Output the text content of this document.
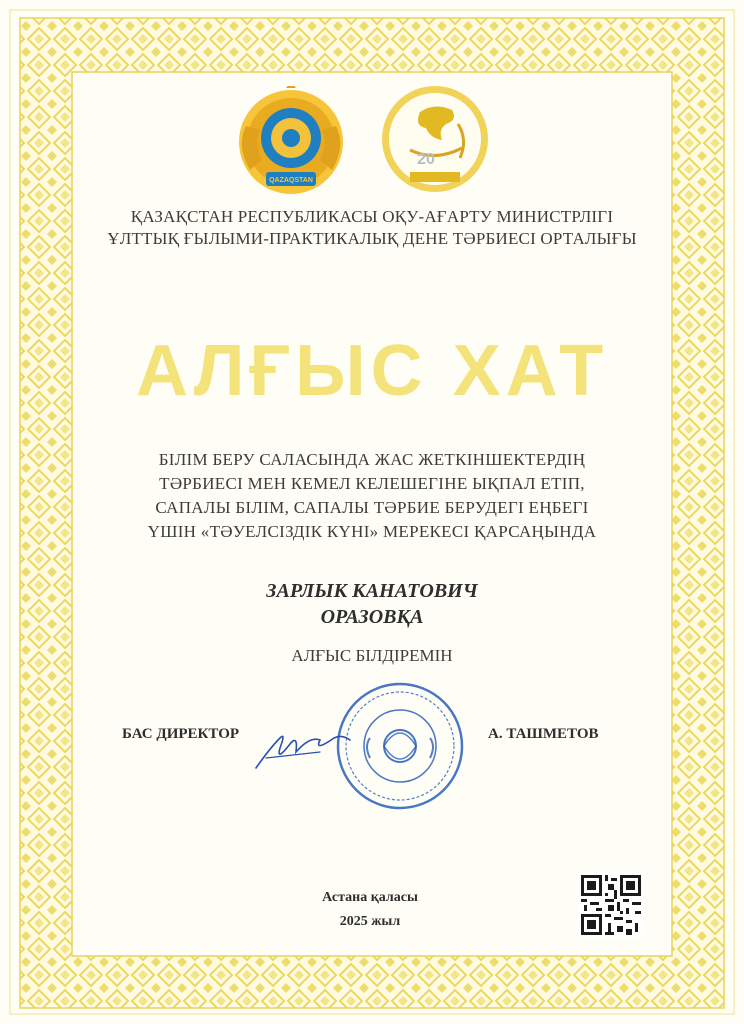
QAZAQSTAN
20
ҚАЗАҚСТАН РЕСПУБЛИКАСЫ ОҚУ-АҒАРТУ МИНИСТРЛІГІ
ҰЛТТЫҚ ҒЫЛЫМИ-ПРАКТИКАЛЫҚ ДЕНЕ ТӘРБИЕСІ ОРТАЛЫҒЫ
АЛҒЫС ХАТ
БІЛІМ БЕРУ САЛАСЫНДА ЖАС ЖЕТКІНШЕКТЕРДІҢ
ТӘРБИЕСІ МЕН КЕМЕЛ КЕЛЕШЕГІНЕ ЫҚПАЛ ЕТІП,
САПАЛЫ БІЛІМ, САПАЛЫ ТӘРБИЕ БЕРУДЕГІ ЕҢБЕГІ
ҮШІН «ТӘУЕЛСІЗДІК КҮНІ» МЕРЕКЕСІ ҚАРСАҢЫНДА
ЗАРЛЫК КАНАТОВИЧ
ОРАЗОВҚА
АЛҒЫС БІЛДІРЕМІН
БАС ДИРЕКТОР	А. ТАШМЕТОВ
Астана қаласы
2025 жыл
